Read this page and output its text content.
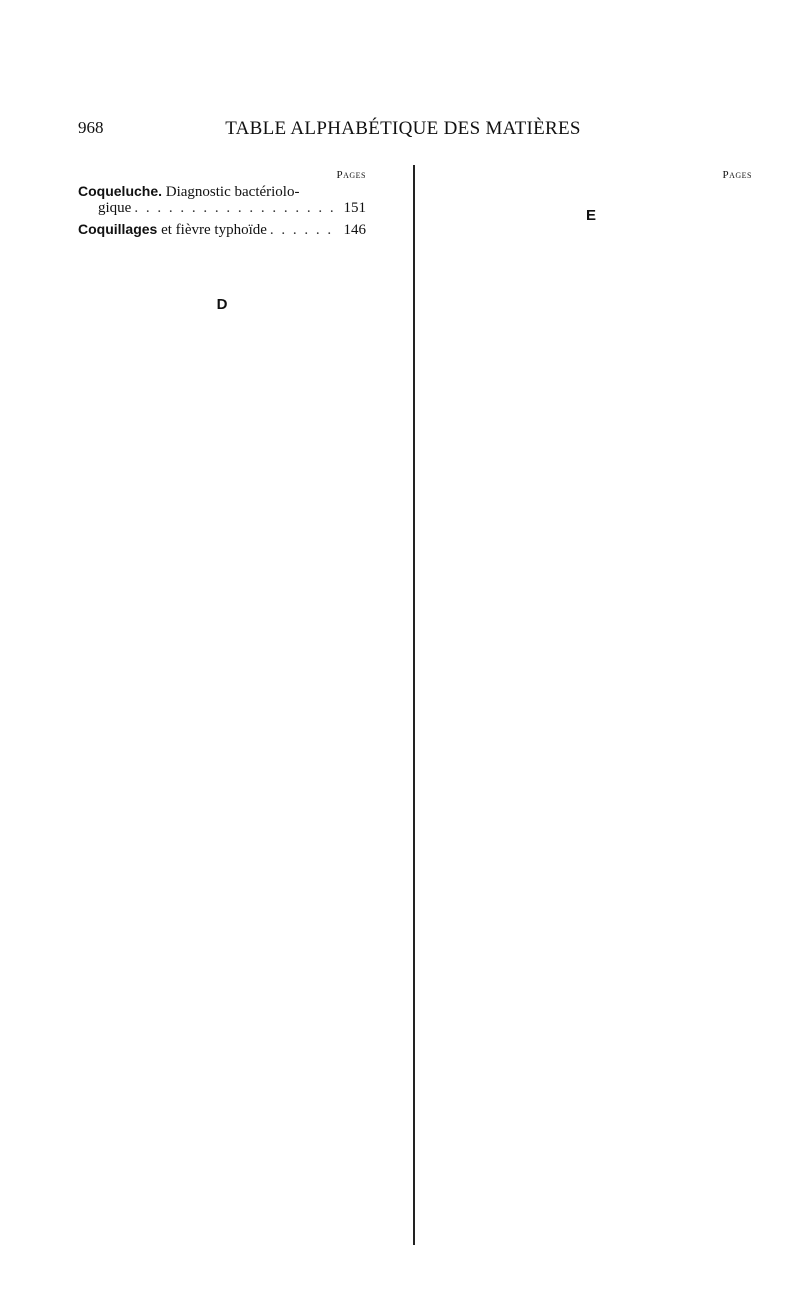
968	TABLE ALPHABÉTIQUE DES MATIÈRES
Pages
Coqueluche. Diagnostic bactériolo-
gique . . .	151
Coquillages et fièvre typhoïde . . .	146
D
Pages
E
